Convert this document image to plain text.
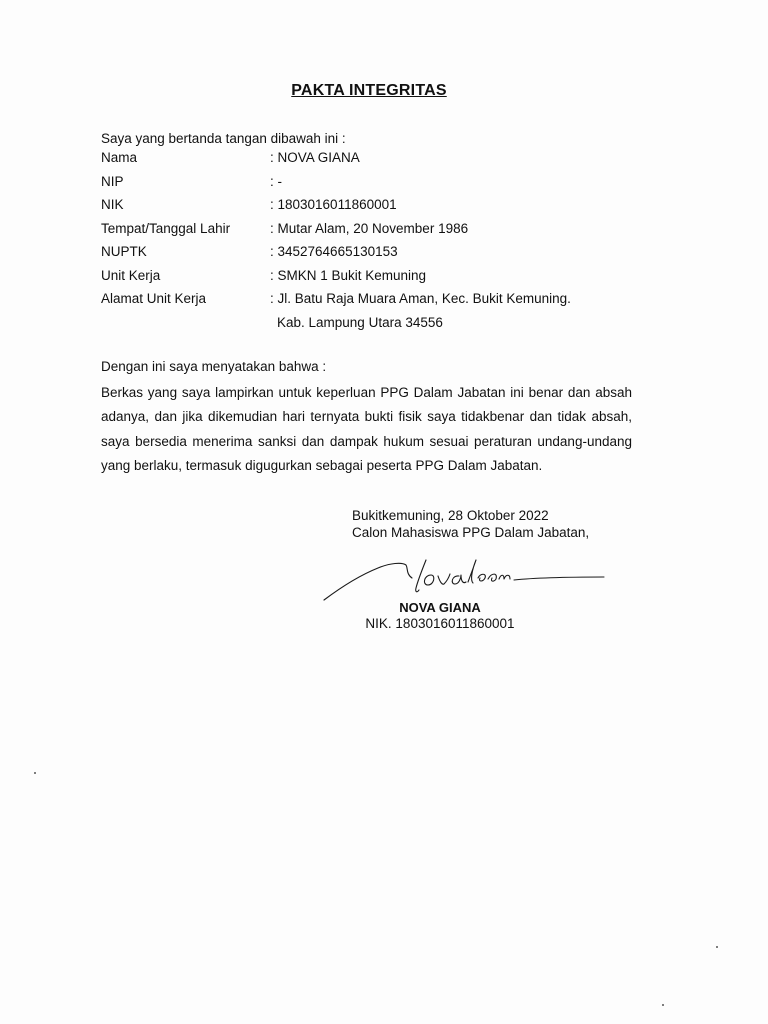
PAKTA INTEGRITAS
Saya yang bertanda tangan dibawah ini :
Nama	: NOVA GIANA
NIP	: -
NIK	: 1803016011860001
Tempat/Tanggal Lahir	: Mutar Alam, 20 November 1986
NUPTK	: 3452764665130153
Unit Kerja	: SMKN 1 Bukit Kemuning
Alamat Unit Kerja	: Jl. Batu Raja Muara Aman, Kec. Bukit Kemuning.
Kab. Lampung Utara 34556
Dengan ini saya menyatakan bahwa :
Berkas yang saya lampirkan untuk keperluan PPG Dalam Jabatan ini benar dan absah adanya, dan jika dikemudian hari ternyata bukti fisik saya tidakbenar dan tidak absah, saya bersedia menerima sanksi dan dampak hukum sesuai peraturan undang-undang yang berlaku, termasuk digugurkan sebagai peserta PPG Dalam Jabatan.
Bukitkemuning, 28 Oktober 2022
Calon Mahasiswa PPG Dalam Jabatan,
NOVA GIANA
NIK. 1803016011860001
